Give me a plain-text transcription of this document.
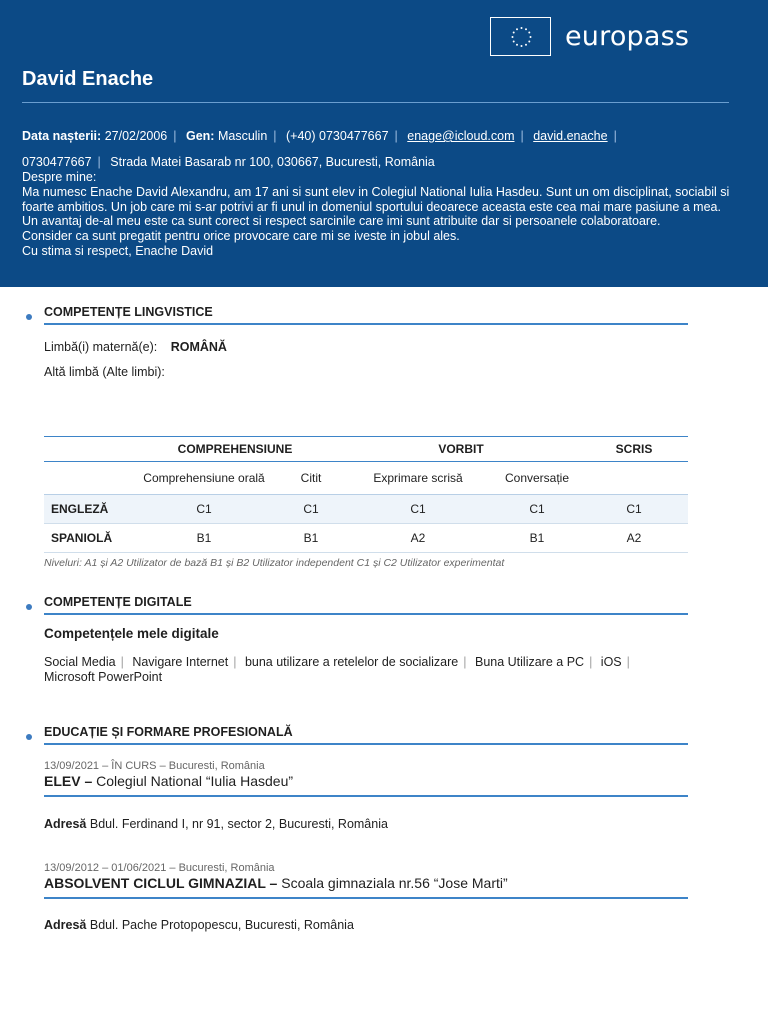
europass
David Enache
Data nașterii: 27/02/2006 | Gen: Masculin | (+40) 0730477667 | enage@icloud.com | david.enache |
0730477667 | Strada Matei Basarab nr 100, 030667, Bucuresti, România
Despre mine:
Ma numesc Enache David Alexandru, am 17 ani si sunt elev in Colegiul National Iulia Hasdeu. Sunt un om disciplinat, sociabil si foarte ambitios. Un job care mi s-ar potrivi ar fi unul in domeniul sportului deoarece aceasta este cea mai mare pasiune a mea.
Un avantaj de-al meu este ca sunt corect si respect sarcinile care imi sunt atribuite dar si persoanele colaboratoare.
Consider ca sunt pregatit pentru orice provocare care mi se iveste in jobul ales.
Cu stima si respect, Enache David
COMPETENȚE LINGVISTICE
Limbă(i) maternă(e): ROMÂNĂ
Altă limbă (Alte limbi):
	COMPREHENSIUNE		VORBIT		SCRIS
	Comprehensiune orală	Citit	Exprimare scrisă	Conversație	
ENGLEZĂ	C1	C1	C1	C1	C1
SPANIOLĂ	B1	B1	A2	B1	A2
Niveluri: A1 și A2 Utilizator de bază B1 și B2 Utilizator independent C1 și C2 Utilizator experimentat
COMPETENȚE DIGITALE
Competențele mele digitale
Social Media | Navigare Internet | buna utilizare a retelelor de socializare | Buna Utilizare a PC | iOS |
Microsoft PowerPoint
EDUCAȚIE ȘI FORMARE PROFESIONALĂ
13/09/2021 – ÎN CURS – Bucuresti, România
ELEV – Colegiul National “Iulia Hasdeu”
Adresă Bdul. Ferdinand I, nr 91, sector 2, Bucuresti, România
13/09/2012 – 01/06/2021 – Bucuresti, România
ABSOLVENT CICLUL GIMNAZIAL – Scoala gimnaziala nr.56 “Jose Marti”
Adresă Bdul. Pache Protopopescu, Bucuresti, România
